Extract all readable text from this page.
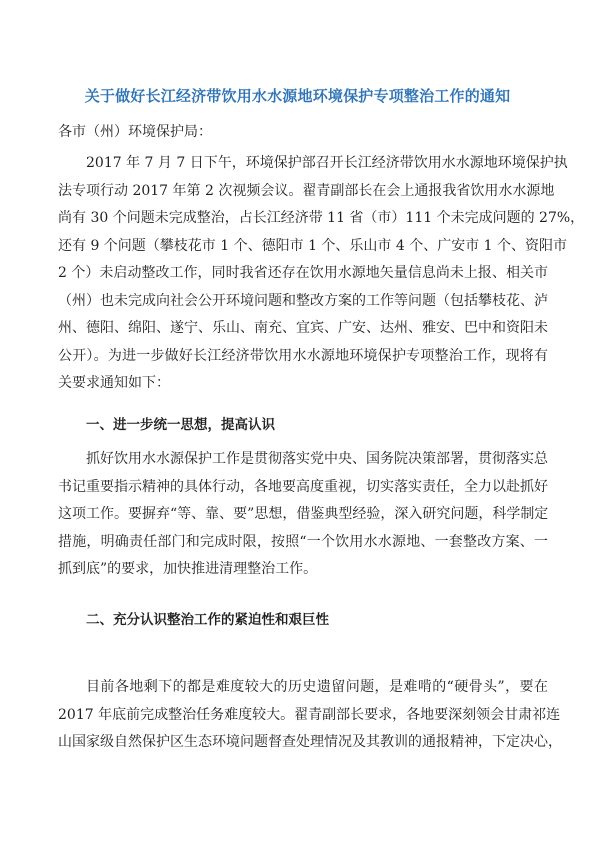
关于做好长江经济带饮用水水源地环境保护专项整治工作的通知
各市（州）环境保护局：
2017 年 7 月 7 日下午，环境保护部召开长江经济带饮用水水源地环境保护执
法专项行动 2017 年第 2 次视频会议。翟青副部长在会上通报我省饮用水水源地
尚有 30 个问题未完成整治，占长江经济带 11 省（市）111 个未完成问题的 27%，
还有 9 个问题（攀枝花市 1 个、德阳市 1 个、乐山市 4 个、广安市 1 个、资阳市
2 个）未启动整改工作，同时我省还存在饮用水源地矢量信息尚未上报、相关市
（州）也未完成向社会公开环境问题和整改方案的工作等问题（包括攀枝花、泸
州、德阳、绵阳、遂宁、乐山、南充、宜宾、广安、达州、雅安、巴中和资阳未
公开）。为进一步做好长江经济带饮用水水源地环境保护专项整治工作，现将有
关要求通知如下：
一、进一步统一思想，提高认识
抓好饮用水水源保护工作是贯彻落实党中央、国务院决策部署，贯彻落实总
书记重要指示精神的具体行动，各地要高度重视，切实落实责任，全力以赴抓好
这项工作。要摒弃“等、靠、要”思想，借鉴典型经验，深入研究问题，科学制定
措施，明确责任部门和完成时限，按照“一个饮用水水源地、一套整改方案、一
抓到底”的要求，加快推进清理整治工作。
二、充分认识整治工作的紧迫性和艰巨性
目前各地剩下的都是难度较大的历史遗留问题，是难啃的“硬骨头”，要在
2017 年底前完成整治任务难度较大。翟青副部长要求，各地要深刻领会甘肃祁连
山国家级自然保护区生态环境问题督查处理情况及其教训的通报精神，下定决心，
